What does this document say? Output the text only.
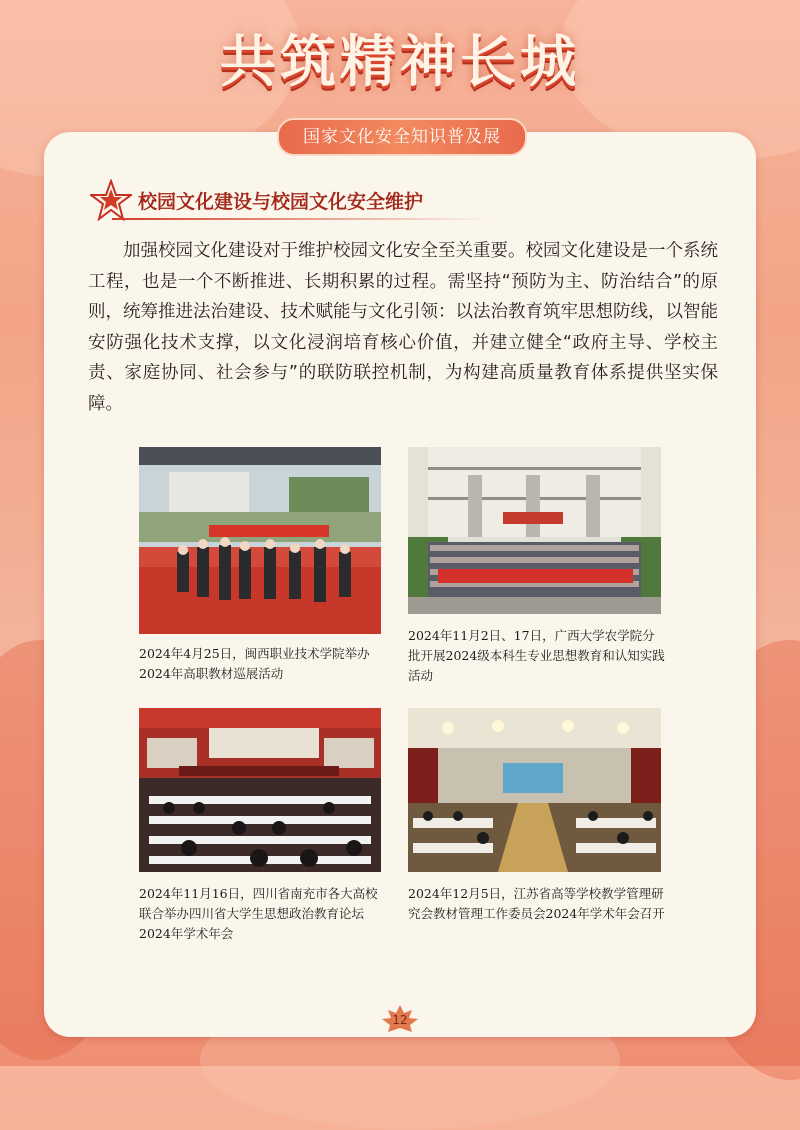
共筑精神长城
国家文化安全知识普及展
校园文化建设与校园文化安全维护
加强校园文化建设对于维护校园文化安全至关重要。校园文化建设是一个系统工程，也是一个不断推进、长期积累的过程。需坚持“预防为主、防治结合”的原则，统筹推进法治建设、技术赋能与文化引领：以法治教育筑牢思想防线，以智能安防强化技术支撑，以文化浸润培育核心价值，并建立健全“政府主导、学校主责、家庭协同、社会参与”的联防联控机制，为构建高质量教育体系提供坚实保障。
2024年4月25日，闽西职业技术学院举办2024年高职教材巡展活动
2024年11月2日、17日，广西大学农学院分批开展2024级本科生专业思想教育和认知实践活动
2024年11月16日，四川省南充市各大高校联合举办四川省大学生思想政治教育论坛2024年学术年会
2024年12月5日，江苏省高等学校教学管理研究会教材管理工作委员会2024年学术年会召开
12
